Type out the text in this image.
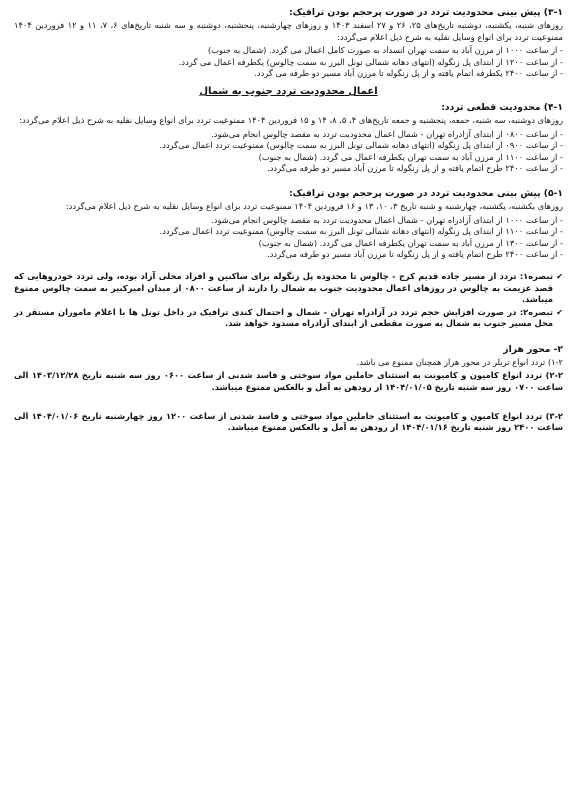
۳-۱) پیش بینی محدودیت تردد در صورت پرحجم بودن ترافیک:
روزهای شنبه، یکشنبه، دوشنبه تاریخ‌های ۲۵، ۲۶ و ۲۷ اسفند ۱۴۰۳ و روزهای چهارشنبه، پنجشنبه، دوشنبه و سه شنبه تاریخ‌های ۶، ۷، ۱۱ و ۱۲ فروردین ۱۴۰۴ ممنوعیت تردد برای انواع وسایل نقلیه به شرح ذیل اعلام می‌گردد:
- از ساعت ۱۰۰۰ از مرزن آباد به سمت تهران انسداد به صورت کامل اعمال می گردد. (شمال به جنوب)
- از ساعت ۱۲۰۰ از ابتدای پل زنگوله (انتهای دهانه شمالی تونل البرز به سمت چالوس) یکطرفه اعمال می گردد.
- از ساعت ۲۴۰۰ یکطرفه اتمام یافته و از پل زنگوله تا مرزن آباد مسیر دو طرفه می گردد.
اعمال محدودیت تردد جنوب به شمال
۴-۱) محدودیت قطعی تردد:
روزهای دوشنبه، سه شنبه، جمعه، پنجشنبه و جمعه تاریخ‌های ۴، ۵، ۸، ۱۴ و ۱۵ فروردین ۱۴۰۴ ممنوعیت تردد برای انواع وسایل نقلیه به شرح ذیل اعلام می‌گردد:
- از ساعت ۰۸۰۰ از ابتدای آزادراه تهران - شمال اعمال محدودیت تردد به مقصد چالوس انجام می‌شود.
- از ساعت ۰۹۰۰ از ابتدای پل زنگوله (انتهای دهانه شمالی تونل البرز به سمت چالوس) ممنوعیت تردد اعمال می‌گردد.
- از ساعت ۱۱۰۰ از مرزن آباد به سمت تهران یکطرفه اعمال می گردد. (شمال به جنوب)
- از ساعت ۲۴۰۰ طرح اتمام یافته و از پل زنگوله تا مرزن آباد مسیر دو طرفه می‌گردد.
۵-۱) پیش بینی محدودیت تردد در صورت پرحجم بودن ترافیک:
روزهای یکشنبه، یکشنبه، چهارشنبه و شنبه تاریخ ۳، ۱۰، ۱۳ و ۱۶ فروردین ۱۴۰۴ ممنوعیت تردد برای انواع وسایل نقلیه به شرح ذیل اعلام می‌گردد:
- از ساعت ۱۰۰۰ از ابتدای آزادراه تهران - شمال اعمال محدودیت تردد به مقصد چالوس انجام می‌شود.
- از ساعت ۱۱۰۰ از ابتدای پل زنگوله (انتهای دهانه شمالی تونل البرز به سمت چالوس) ممنوعیت تردد اعمال می‌گردد.
- از ساعت ۱۳۰۰ از مرزن آباد به سمت تهران یکطرفه اعمال می گردد. (شمال به جنوب)
- از ساعت ۲۴۰۰ طرح اتمام یافته و از پل زنگوله تا مرزن آباد مسیر دو طرفه می‌گردد.
✔
تبصره۱: تردد از مسیر جاده قدیم کرج - چالوس تا محدوده پل زنگوله برای ساکنین و افراد محلی آزاد بوده، ولی تردد خودروهایی که قصد عزیمت به چالوس در روزهای اعمال محدودیت جنوب به شمال را دارند از ساعت ۰۸۰۰ از میدان امیرکبیر به سمت چالوس ممنوع میباشد.
✔
تبصره۲: در صورت افزایش حجم تردد در آزادراه تهران - شمال و احتمال کندی ترافیک در داخل تونل ها با اعلام ماموران مستقر در محل مسیر جنوب به شمال به صورت مقطعی از ابتدای آزادراه مسدود خواهد شد.
۲- محور هراز
۱-۲) تردد انواع تریلر در محور هراز همچنان ممنوع می باشد.
۲-۲) تردد انواع کامیون و کامیونت به استثنای حاملین مواد سوختی و فاسد شدنی از ساعت ۰۶۰۰ روز سه شنبه تاریخ ۱۴۰۳/۱۲/۲۸ الی ساعت ۰۷۰۰ روز سه شنبه تاریخ ۱۴۰۴/۰۱/۰۵ از رودهن به آمل و بالعکس ممنوع میباشد.
۳-۲) تردد انواع کامیون و کامیونت به استثنای حاملین مواد سوختی و فاسد شدنی از ساعت ۱۲۰۰ روز چهارشنبه تاریخ ۱۴۰۴/۰۱/۰۶ الی ساعت ۲۴۰۰ روز شنبه تاریخ ۱۴۰۴/۰۱/۱۶ از رودهن به آمل و بالعکس ممنوع میباشد.
